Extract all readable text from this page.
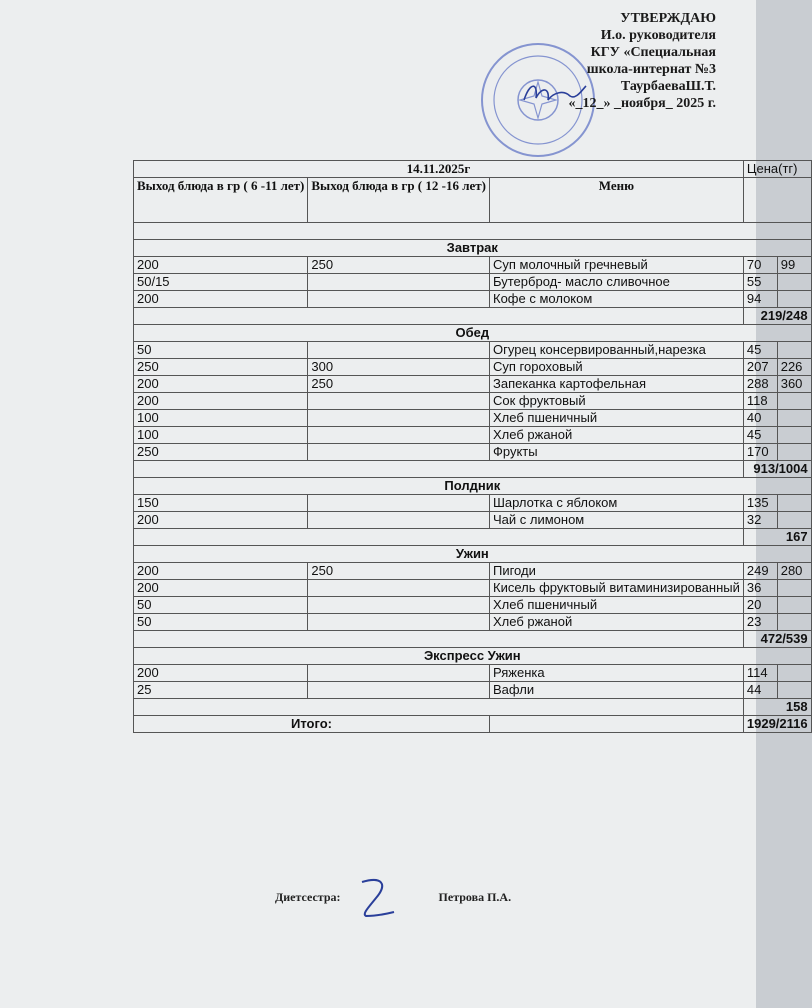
УТВЕРЖДАЮ
И.о. руководителя
КГУ «Специальная
школа-интернат №3
ТаурбаеваШ.Т.
«_12_» _ноября_ 2025 г.
14.11.2025г			Цена(тг)	
Выход блюда в гр ( 6 -11 лет)	Выход блюда в гр ( 12 -16 лет)	Меню		

Завтрак				
200	250	Суп молочный гречневый	70	99
50/15		Бутерброд- масло сливочное	55	
200		Кофе с молоком	94	
			219/248	
Обед				
50		Огурец консервированный,нарезка	45	
250	300	Суп гороховый	207	226
200	250	Запеканка картофельная	288	360
200		Сок фруктовый	118	
100		Хлеб пшеничный	40	
100		Хлеб ржаной	45	
250		Фрукты	170	
			913/1004	
Полдник				
150		Шарлотка с яблоком	135	
200		Чай с лимоном	32	
			167	
Ужин				
200	250	Пигоди	249	280
200		Кисель фруктовый витаминизированный	36	
50		Хлеб пшеничный	20	
50		Хлеб ржаной	23	
			472/539	
Экспресс Ужин				
200		Ряженка	114	
25		Вафли	44	
			158	
Итого:			1929/2116	
Диетсестра:	Петрова П.А.
